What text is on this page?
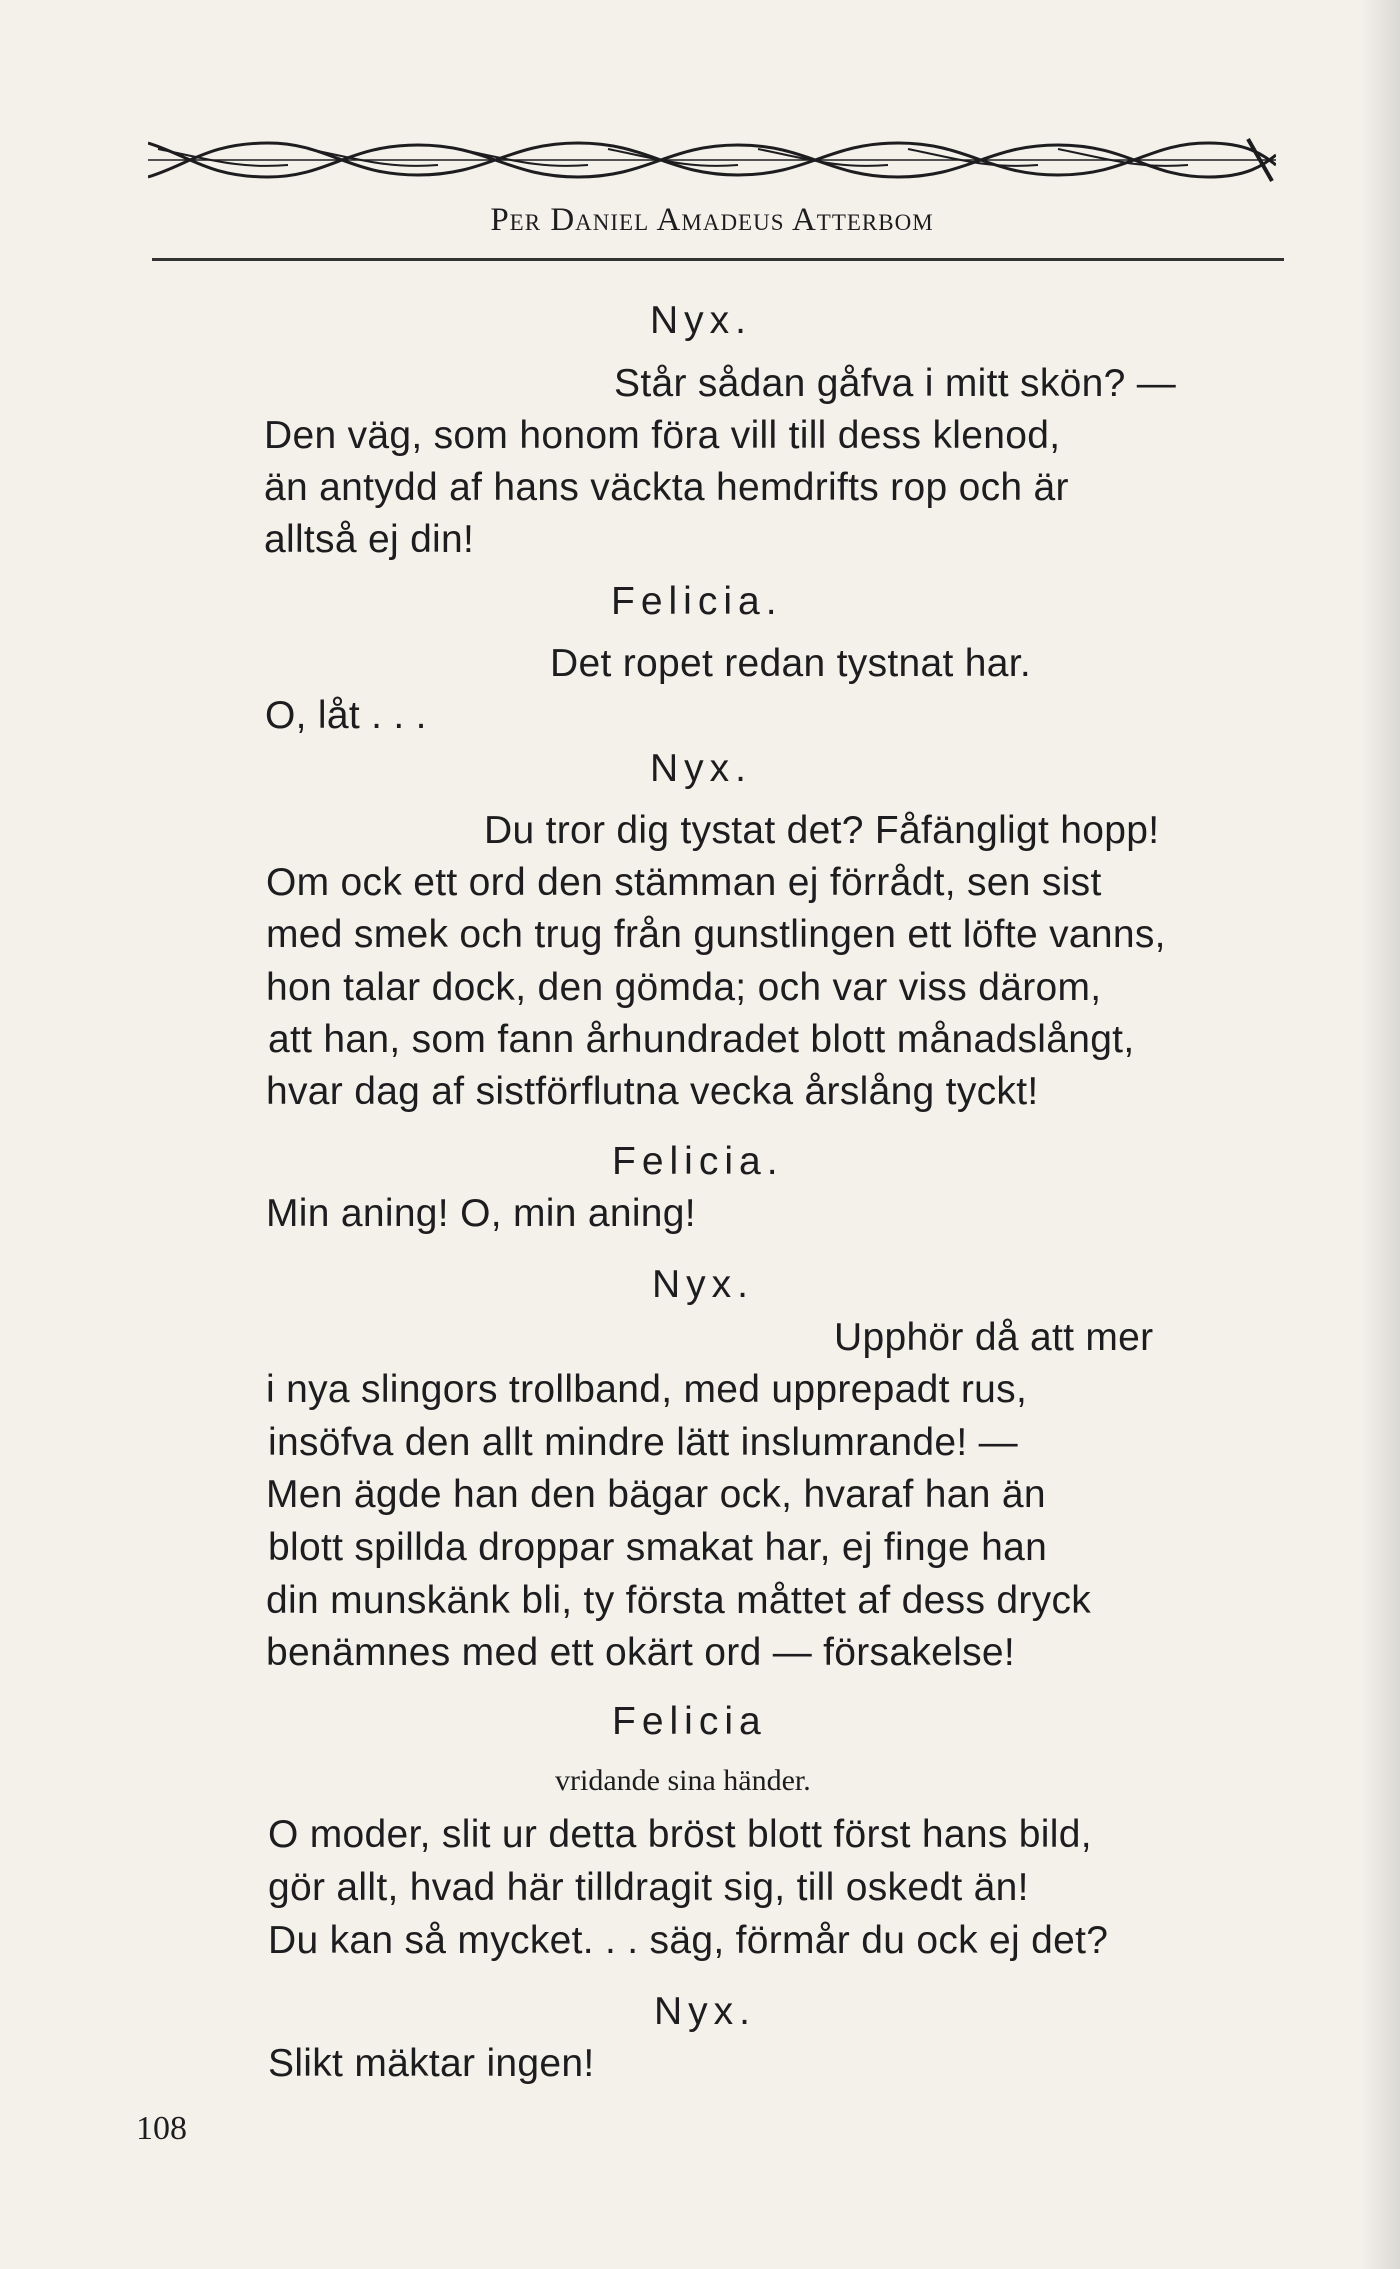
Per Daniel Amadeus Atterbom
Nyx.
Står sådan gåfva i mitt skön? —
Den väg, som honom föra vill till dess klenod,
än antydd af hans väckta hemdrifts rop och är
alltså ej din!
Felicia.
Det ropet redan tystnat har.
O, låt . . .
Nyx.
Du tror dig tystat det? Fåfängligt hopp!
Om ock ett ord den stämman ej förrådt, sen sist
med smek och trug från gunstlingen ett löfte vanns,
hon talar dock, den gömda; och var viss därom,
att han, som fann århundradet blott månadslångt,
hvar dag af sistförflutna vecka årslång tyckt!
Felicia.
Min aning! O, min aning!
Nyx.
Upphör då att mer
i nya slingors trollband, med upprepadt rus,
insöfva den allt mindre lätt inslumrande! —
Men ägde han den bägar ock, hvaraf han än
blott spillda droppar smakat har, ej finge han
din munskänk bli, ty första måttet af dess dryck
benämnes med ett okärt ord — försakelse!
Felicia
vridande sina händer.
O moder, slit ur detta bröst blott först hans bild,
gör allt, hvad här tilldragit sig, till oskedt än!
Du kan så mycket. . . säg, förmår du ock ej det?
Nyx.
Slikt mäktar ingen!
108
